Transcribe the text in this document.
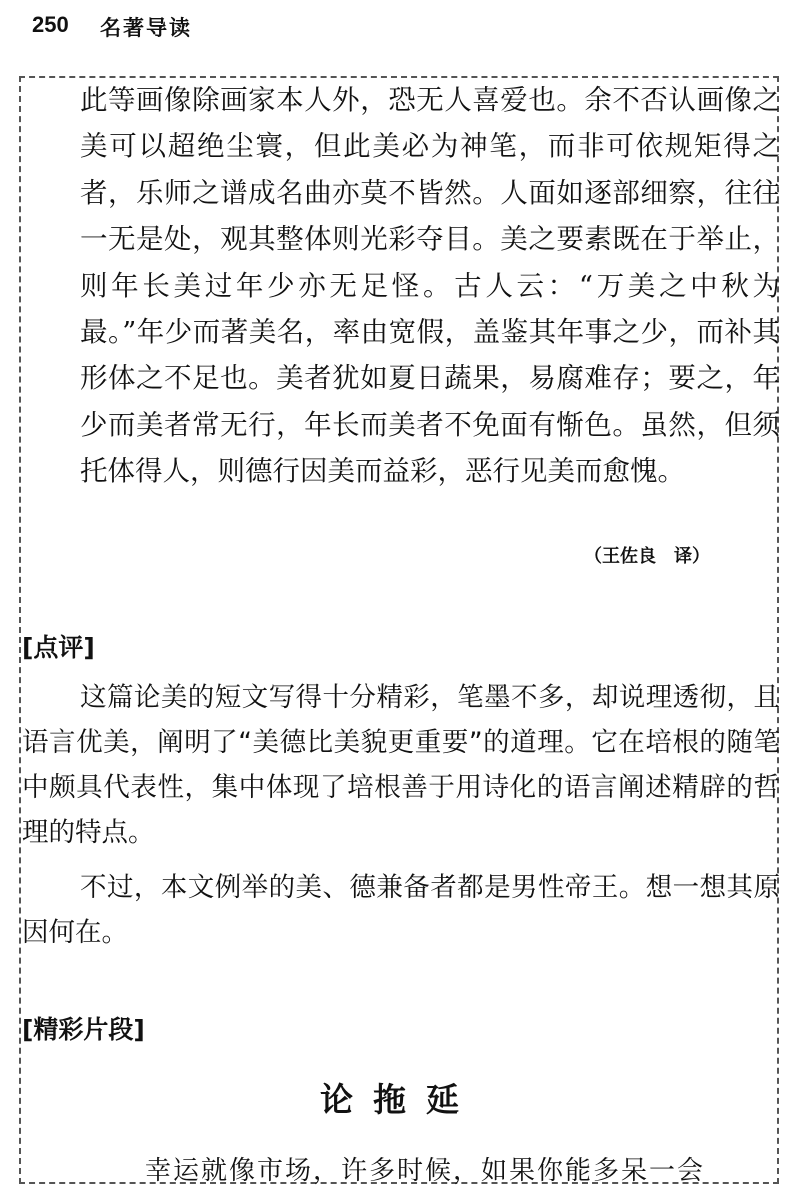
250 名著导读

此等画像除画家本人外，恐无人喜爱也。余不否认画像之美可以超绝尘寰，但此美必为神笔，而非可依规矩得之者，乐师之谱成名曲亦莫不皆然。人面如逐部细察，往往一无是处，观其整体则光彩夺目。美之要素既在于举止，则年长美过年少亦无足怪。古人云：“万美之中秋为最。”年少而著美名，率由宽假，盖鉴其年事之少，而补其形体之不足也。美者犹如夏日蔬果，易腐难存；要之，年少而美者常无行，年长而美者不免面有惭色。虽然，但须托体得人，则德行因美而益彩，恶行见美而愈愧。

（王佐良　译）
[点评]

这篇论美的短文写得十分精彩，笔墨不多，却说理透彻，且语言优美，阐明了“美德比美貌更重要”的道理。它在培根的随笔中颇具代表性，集中体现了培根善于用诗化的语言阐述精辟的哲理的特点。

不过，本文例举的美、德兼备者都是男性帝王。想一想其原因何在。

[精彩片段]
论拖延

幸运就像市场，许多时候，如果你能多呆一会
